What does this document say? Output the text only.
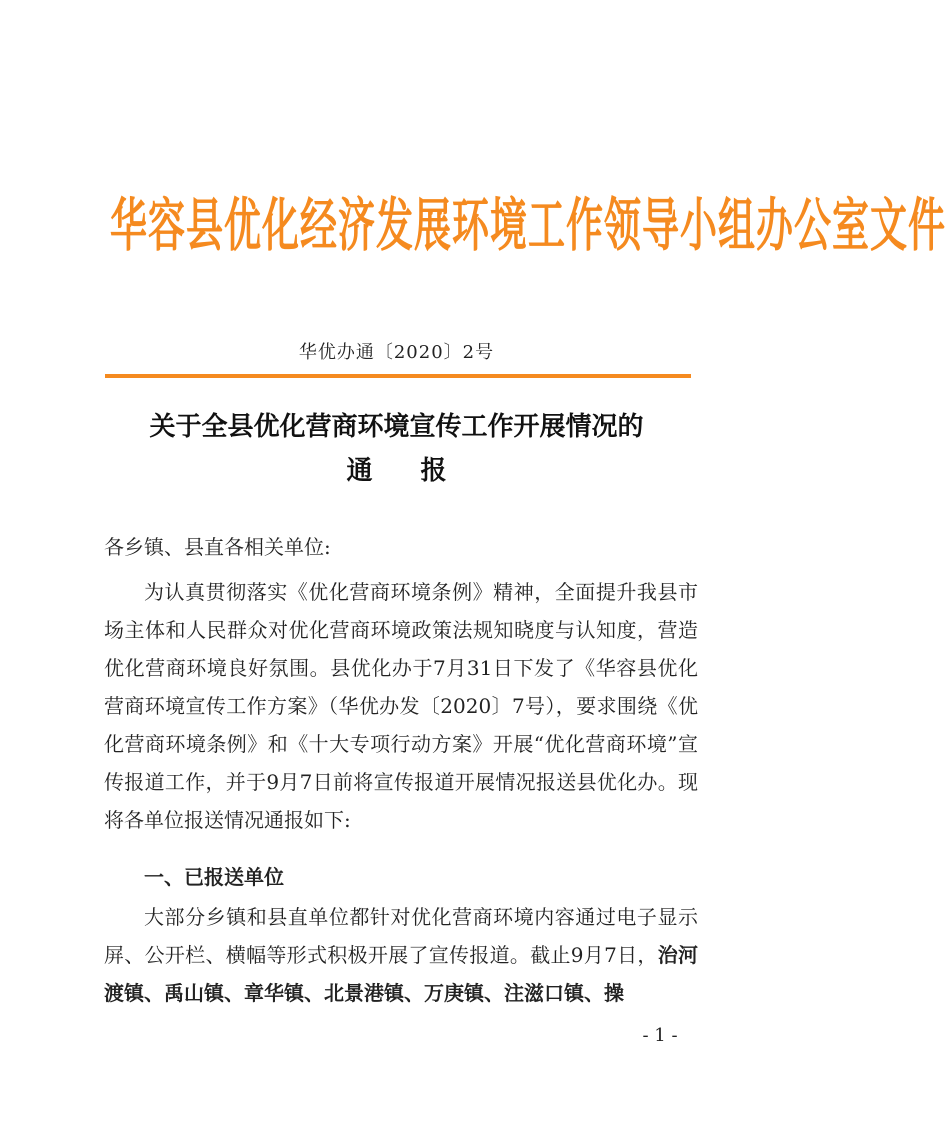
华容县优化经济发展环境工作领导小组办公室文件
华优办通〔2020〕2号
关于全县优化营商环境宣传工作开展情况的
通报
各乡镇、县直各相关单位:

为认真贯彻落实《优化营商环境条例》精神，全面提升我县市场主体和人民群众对优化营商环境政策法规知晓度与认知度，营造优化营商环境良好氛围。县优化办于7月31日下发了《华容县优化营商环境宣传工作方案》（华优办发〔2020〕7号），要求围绕《优化营商环境条例》和《十大专项行动方案》开展“优化营商环境”宣传报道工作，并于9月7日前将宣传报道开展情况报送县优化办。现将各单位报送情况通报如下:

一、已报送单位

大部分乡镇和县直单位都针对优化营商环境内容通过电子显示屏、公开栏、横幅等形式积极开展了宣传报道。截止9月7日，治河渡镇、禹山镇、章华镇、北景港镇、万庚镇、注滋口镇、操

- 1 -
